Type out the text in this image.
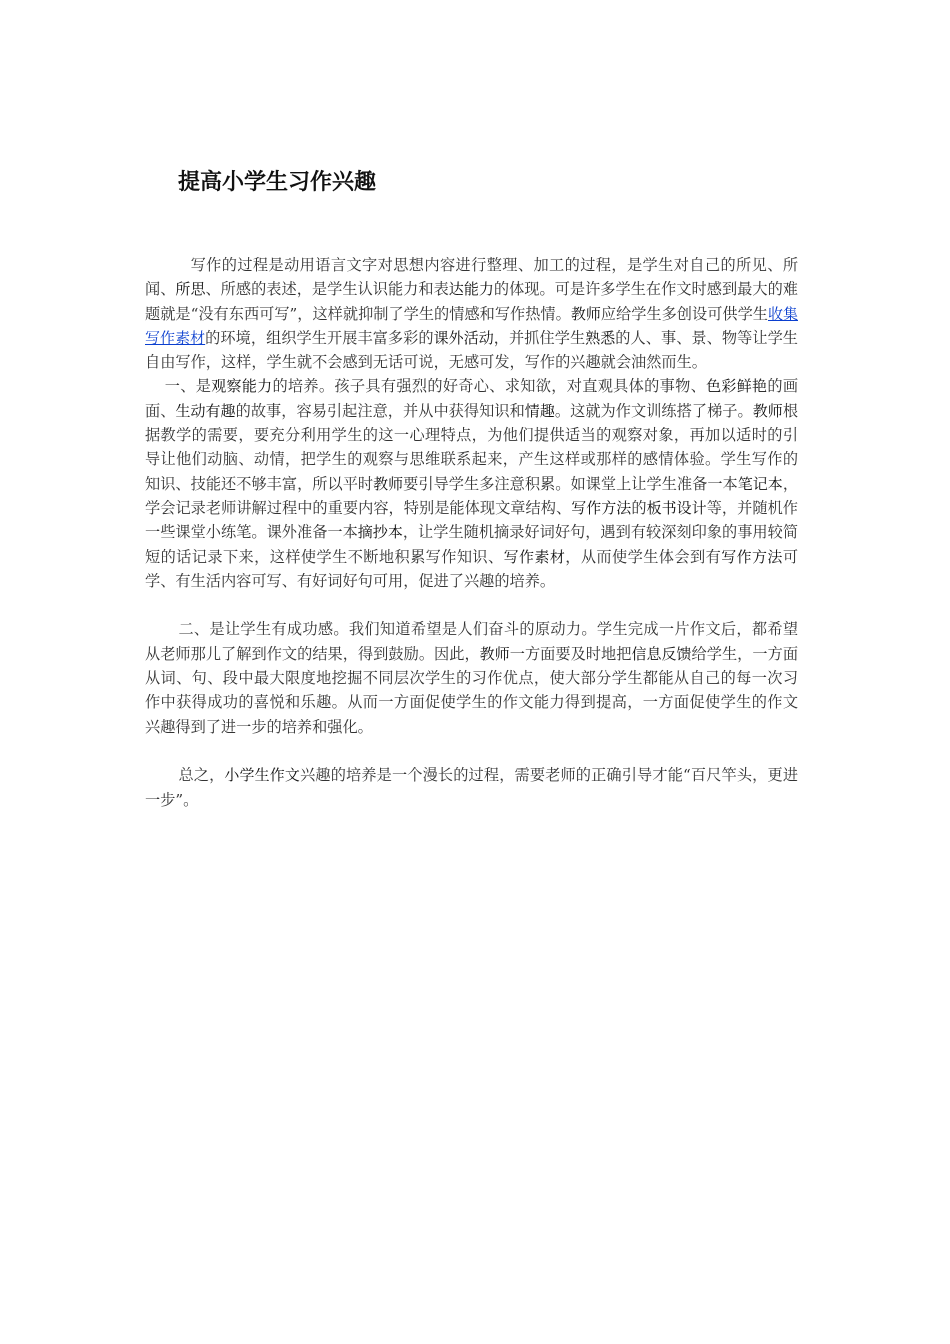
提高小学生习作兴趣

写作的过程是动用语言文字对思想内容进行整理、加工的过程，是学生对自己的所见、所闻、所思、所感的表述，是学生认识能力和表达能力的体现。可是许多学生在作文时感到最大的难题就是“没有东西可写”，这样就抑制了学生的情感和写作热情。教师应给学生多创设可供学生收集写作素材的环境，组织学生开展丰富多彩的课外活动，并抓住学生熟悉的人、事、景、物等让学生自由写作，这样，学生就不会感到无话可说，无感可发，写作的兴趣就会油然而生。

一、是观察能力的培养。孩子具有强烈的好奇心、求知欲，对直观具体的事物、色彩鲜艳的画面、生动有趣的故事，容易引起注意，并从中获得知识和情趣。这就为作文训练搭了梯子。教师根据教学的需要，要充分利用学生的这一心理特点，为他们提供适当的观察对象，再加以适时的引导让他们动脑、动情，把学生的观察与思维联系起来，产生这样或那样的感情体验。学生写作的知识、技能还不够丰富，所以平时教师要引导学生多注意积累。如课堂上让学生准备一本笔记本，学会记录老师讲解过程中的重要内容，特别是能体现文章结构、写作方法的板书设计等，并随机作一些课堂小练笔。课外准备一本摘抄本，让学生随机摘录好词好句，遇到有较深刻印象的事用较简短的话记录下来，这样使学生不断地积累写作知识、写作素材，从而使学生体会到有写作方法可学、有生活内容可写、有好词好句可用，促进了兴趣的培养。

二、是让学生有成功感。我们知道希望是人们奋斗的原动力。学生完成一片作文后，都希望从老师那儿了解到作文的结果，得到鼓励。因此，教师一方面要及时地把信息反馈给学生，一方面从词、句、段中最大限度地挖掘不同层次学生的习作优点，使大部分学生都能从自己的每一次习作中获得成功的喜悦和乐趣。从而一方面促使学生的作文能力得到提高，一方面促使学生的作文兴趣得到了进一步的培养和强化。

总之，小学生作文兴趣的培养是一个漫长的过程，需要老师的正确引导才能“百尺竿头，更进一步”。
